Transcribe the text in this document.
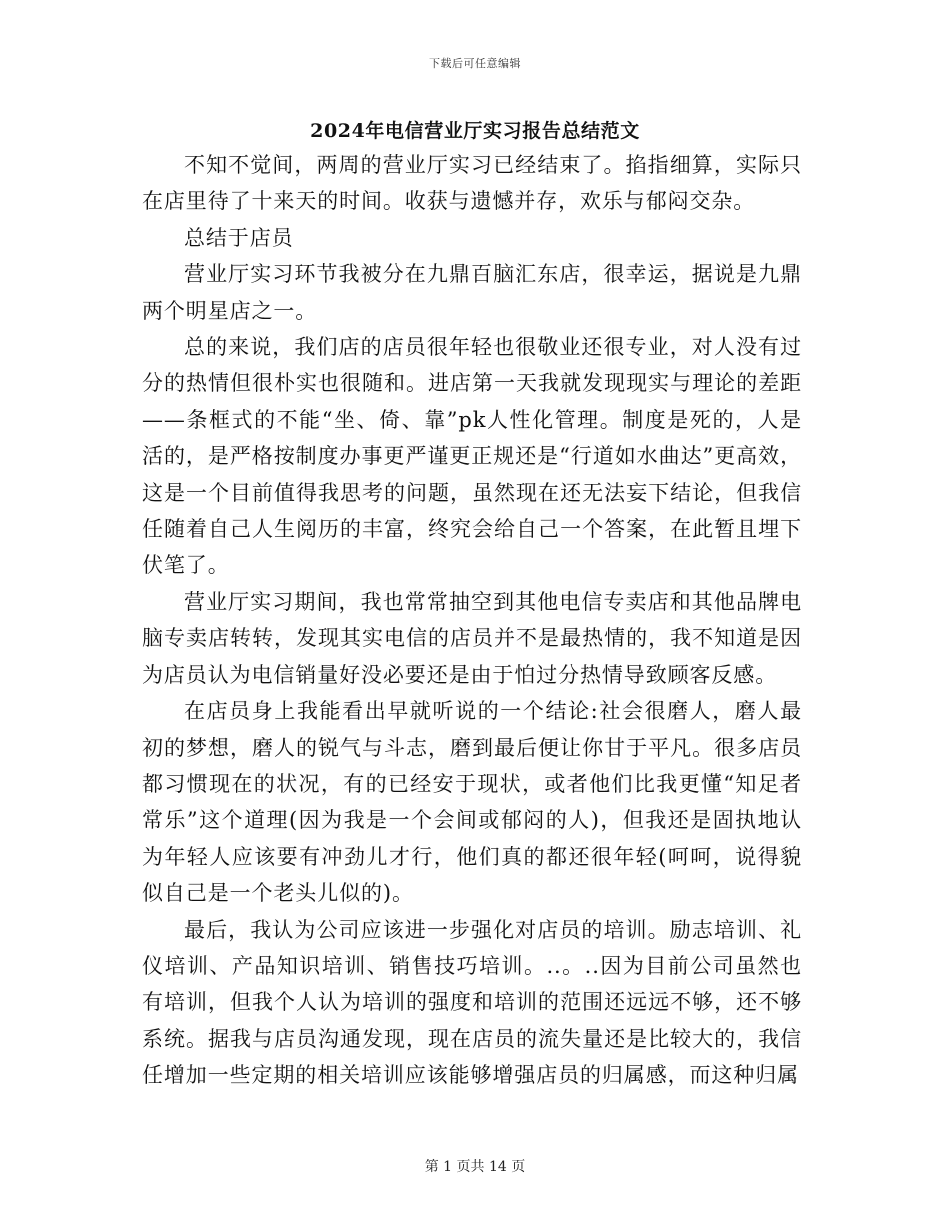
下载后可任意编辑
2024年电信营业厅实习报告总结范文

不知不觉间，两周的营业厅实习已经结束了。掐指细算，实际只在店里待了十来天的时间。收获与遗憾并存，欢乐与郁闷交杂。

总结于店员

营业厅实习环节我被分在九鼎百脑汇东店，很幸运，据说是九鼎两个明星店之一。

总的来说，我们店的店员很年轻也很敬业还很专业，对人没有过分的热情但很朴实也很随和。进店第一天我就发现现实与理论的差距——条框式的不能“坐、倚、靠”pk人性化管理。制度是死的，人是活的，是严格按制度办事更严谨更正规还是“行道如水曲达”更高效，这是一个目前值得我思考的问题，虽然现在还无法妄下结论，但我信任随着自己人生阅历的丰富，终究会给自己一个答案，在此暂且埋下伏笔了。

营业厅实习期间，我也常常抽空到其他电信专卖店和其他品牌电脑专卖店转转，发现其实电信的店员并不是最热情的，我不知道是因为店员认为电信销量好没必要还是由于怕过分热情导致顾客反感。

在店员身上我能看出早就听说的一个结论:社会很磨人，磨人最初的梦想，磨人的锐气与斗志，磨到最后便让你甘于平凡。很多店员都习惯现在的状况，有的已经安于现状，或者他们比我更懂“知足者常乐”这个道理(因为我是一个会间或郁闷的人)，但我还是固执地认为年轻人应该要有冲劲儿才行，他们真的都还很年轻(呵呵，说得貌似自己是一个老头儿似的)。

最后，我认为公司应该进一步强化对店员的培训。励志培训、礼仪培训、产品知识培训、销售技巧培训。..。..因为目前公司虽然也有培训，但我个人认为培训的强度和培训的范围还远远不够，还不够系统。据我与店员沟通发现，现在店员的流失量还是比较大的，我信任增加一些定期的相关培训应该能够增强店员的归属感，而这种归属

第 1 页共 14 页
